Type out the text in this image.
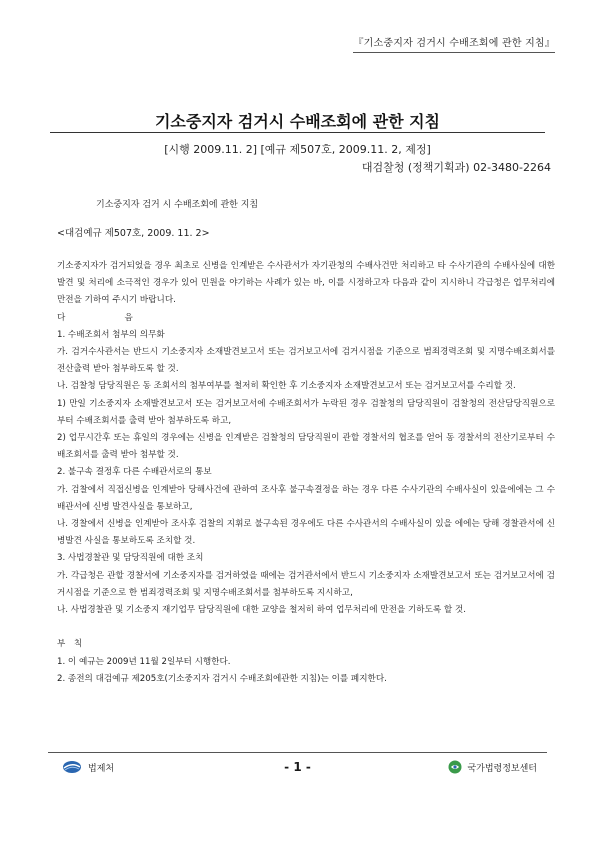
『기소중지자 검거시 수배조회에 관한 지침』
기소중지자 검거시 수배조회에 관한 지침
[시행 2009.11. 2] [예규 제507호, 2009.11. 2, 제정]
대검찰청 (정책기획과) 02-3480-2264
기소중지자 검거 시 수배조회에 관한 지침
<대검예규 제507호, 2009. 11. 2>

기소중지자가 검거되었을 경우 최초로 신병을 인계받은 수사관서가 자기관청의 수배사건만 처리하고 타 수사기관의 수배사실에 대한 발견 및 처리에 소극적인 경우가 있어 민원을 야기하는 사례가 있는 바, 이를 시정하고자 다음과 같이 지시하니 각급청은 업무처리에 만전을 기하여 주시기 바랍니다.

다　　음

1. 수배조회서 첨부의 의무화

가. 검거수사관서는 반드시 기소중지자 소재발견보고서 또는 검거보고서에 검거시점을 기준으로 범죄경력조회 및 지명수배조회서를 전산출력 받아 첨부하도록 할 것.

나. 검찰청 담당직원은 동 조회서의 첨부여부를 철저히 확인한 후 기소중지자 소재발견보고서 또는 검거보고서를 수리할 것.

1) 만일 기소중지자 소재발견보고서 또는 검거보고서에 수배조회서가 누락된 경우 검찰청의 담당직원이 검찰청의 전산담당직원으로부터 수배조회서를 출력 받아 첨부하도록 하고,

2) 업무시간후 또는 휴일의 경우에는 신병을 인계받은 검찰청의 담당직원이 관할 경찰서의 협조를 얻어 동 경찰서의 전산기로부터 수배조회서를 출력 받아 첨부할 것.

2. 불구속 결정후 다른 수배관서로의 통보

가. 검찰에서 직접신병을 인계받아 당해사건에 관하여 조사후 불구속결정을 하는 경우 다른 수사기관의 수배사실이 있을에에는 그 수배관서에 신병 발견사실을 통보하고,

나. 경찰에서 신병을 인계받아 조사후 검찰의 지휘로 불구속된 경우에도 다른 수사관서의 수배사실이 있을 에에는 당해 경찰관서에 신병발견 사실을 통보하도록 조치할 것.

3. 사법경찰관 및 담당직원에 대한 조치

가. 각급청은 관할 경찰서에 기소중지자를 검거하였을 때에는 검거관서에서 반드시 기소중지자 소재발견보고서 또는 검거보고서에 검거시점을 기준으로 한 범죄경력조회 및 지명수배조회서를 첨부하도록 지시하고,

나. 사법경찰관 및 기소중지 재기업무 담당직원에 대한 교양을 철저히 하여 업무처리에 만전을 기하도록 할 것.

부　칙

1. 이 예규는 2009년 11월 2일부터 시행한다.

2. 종전의 대검예규 제205호(기소중지자 검거시 수배조회에관한 지침)는 이를 폐지한다.

법제처	- 1 -	국가법령정보센터
